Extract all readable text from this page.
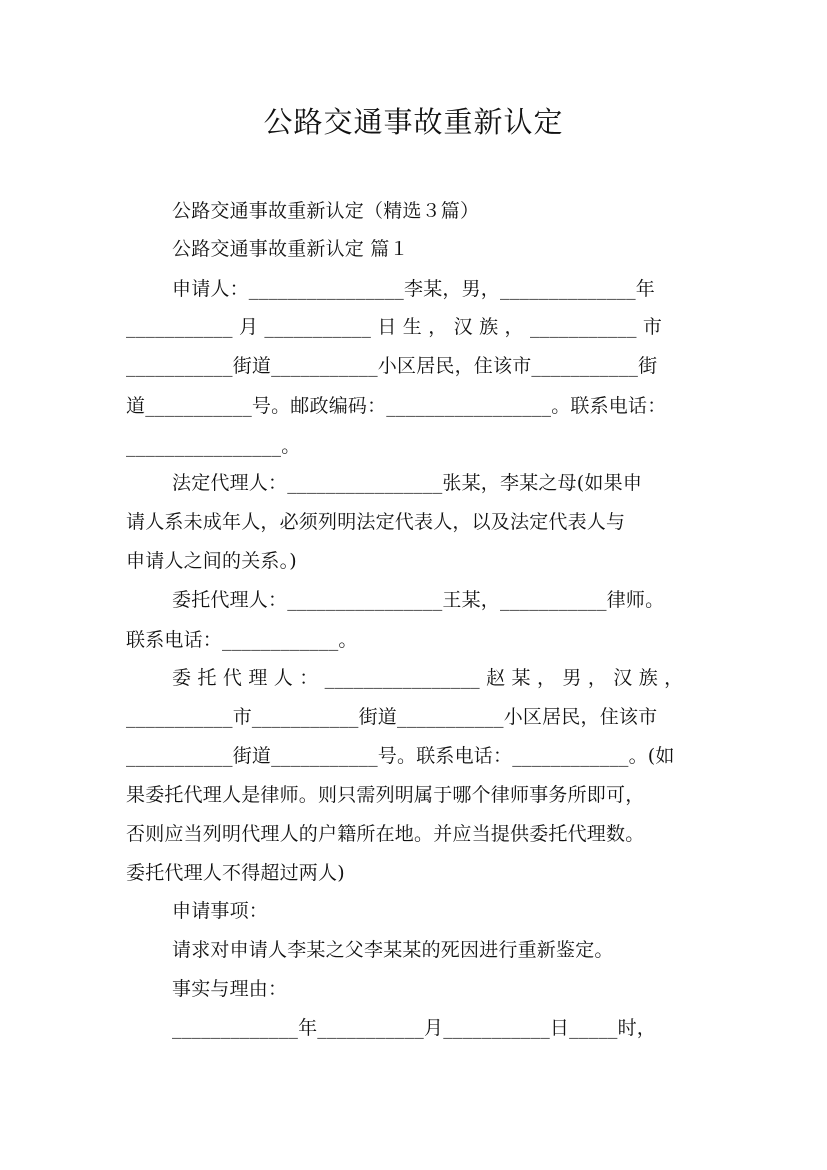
公路交通事故重新认定
公路交通事故重新认定（精选３篇）
公路交通事故重新认定 篇１
申请人：________________李某，男，______________年
___________ 月 ___________ 日 生 ， 汉 族 ， ___________ 市
___________街道___________小区居民，住该市___________街
道___________号。邮政编码：_________________。联系电话：
________________。
法定代理人：________________张某，李某之母(如果申
请人系未成年人，必须列明法定代表人，以及法定代表人与
申请人之间的关系。)
委托代理人：________________王某，___________律师。
联系电话：____________。
委 托 代 理 人 ： ________________ 赵 某 ， 男 ， 汉 族 ，
___________市___________街道___________小区居民，住该市
___________街道___________号。联系电话：____________。(如
果委托代理人是律师。则只需列明属于哪个律师事务所即可，
否则应当列明代理人的户籍所在地。并应当提供委托代理数。
委托代理人不得超过两人)
申请事项：
请求对申请人李某之父李某某的死因进行重新鉴定。
事实与理由：
_____________年___________月___________日_____时，
